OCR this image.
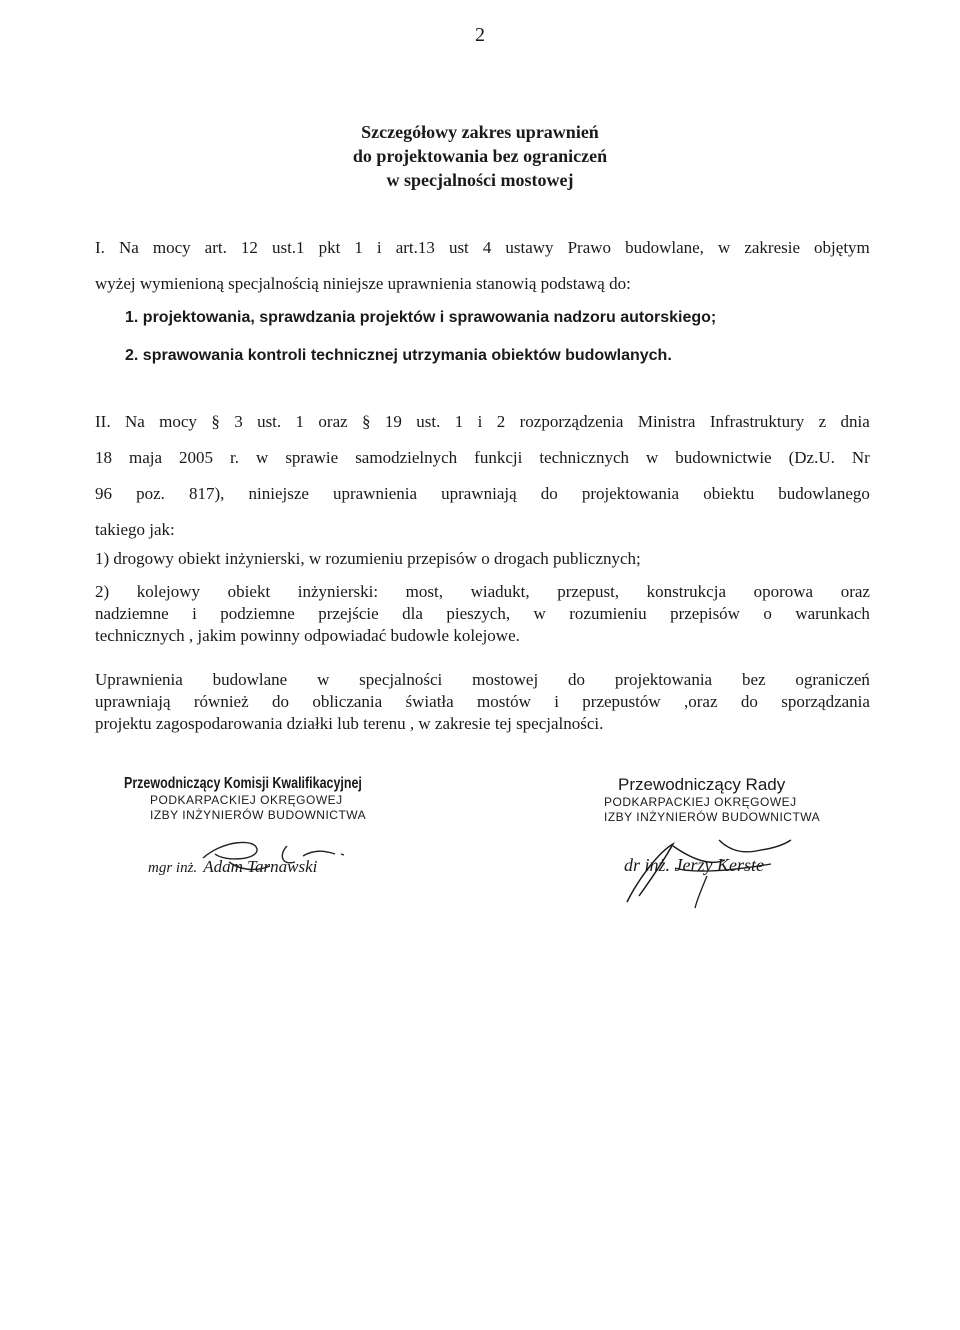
2
Szczegółowy zakres uprawnień
do projektowania bez ograniczeń
w specjalności mostowej
I. Na mocy art. 12 ust.1 pkt 1 i art.13 ust 4 ustawy Prawo budowlane, w zakresie objętym
wyżej wymienioną specjalnością niniejsze uprawnienia stanowią podstawą do:
1. projektowania, sprawdzania projektów i sprawowania nadzoru autorskiego;
2. sprawowania kontroli technicznej utrzymania obiektów budowlanych.
II. Na mocy § 3 ust. 1 oraz § 19 ust. 1 i 2 rozporządzenia Ministra Infrastruktury z dnia
18 maja 2005 r. w sprawie samodzielnych funkcji technicznych w budownictwie (Dz.U. Nr
96 poz. 817), niniejsze uprawnienia uprawniają do projektowania obiektu budowlanego
takiego jak:
1) drogowy obiekt inżynierski, w rozumieniu przepisów o drogach publicznych;
2) kolejowy obiekt inżynierski: most, wiadukt, przepust, konstrukcja oporowa oraz
nadziemne i podziemne przejście dla pieszych, w rozumieniu przepisów o warunkach
technicznych , jakim powinny odpowiadać budowle kolejowe.
Uprawnienia budowlane w specjalności mostowej do projektowania bez ograniczeń
uprawniają również do obliczania światła mostów i przepustów ,oraz do sporządzania
projektu zagospodarowania działki lub terenu , w zakresie tej specjalności.
Przewodniczący Komisji Kwalifikacyjnej
PODKARPACKIEJ OKRĘGOWEJ
IZBY INŻYNIERÓW BUDOWNICTWA
mgr inż. Adam Tarnawski
Przewodniczący Rady
PODKARPACKIEJ OKRĘGOWEJ
IZBY INŻYNIERÓW BUDOWNICTWA
dr inż. Jerzy Kerste
